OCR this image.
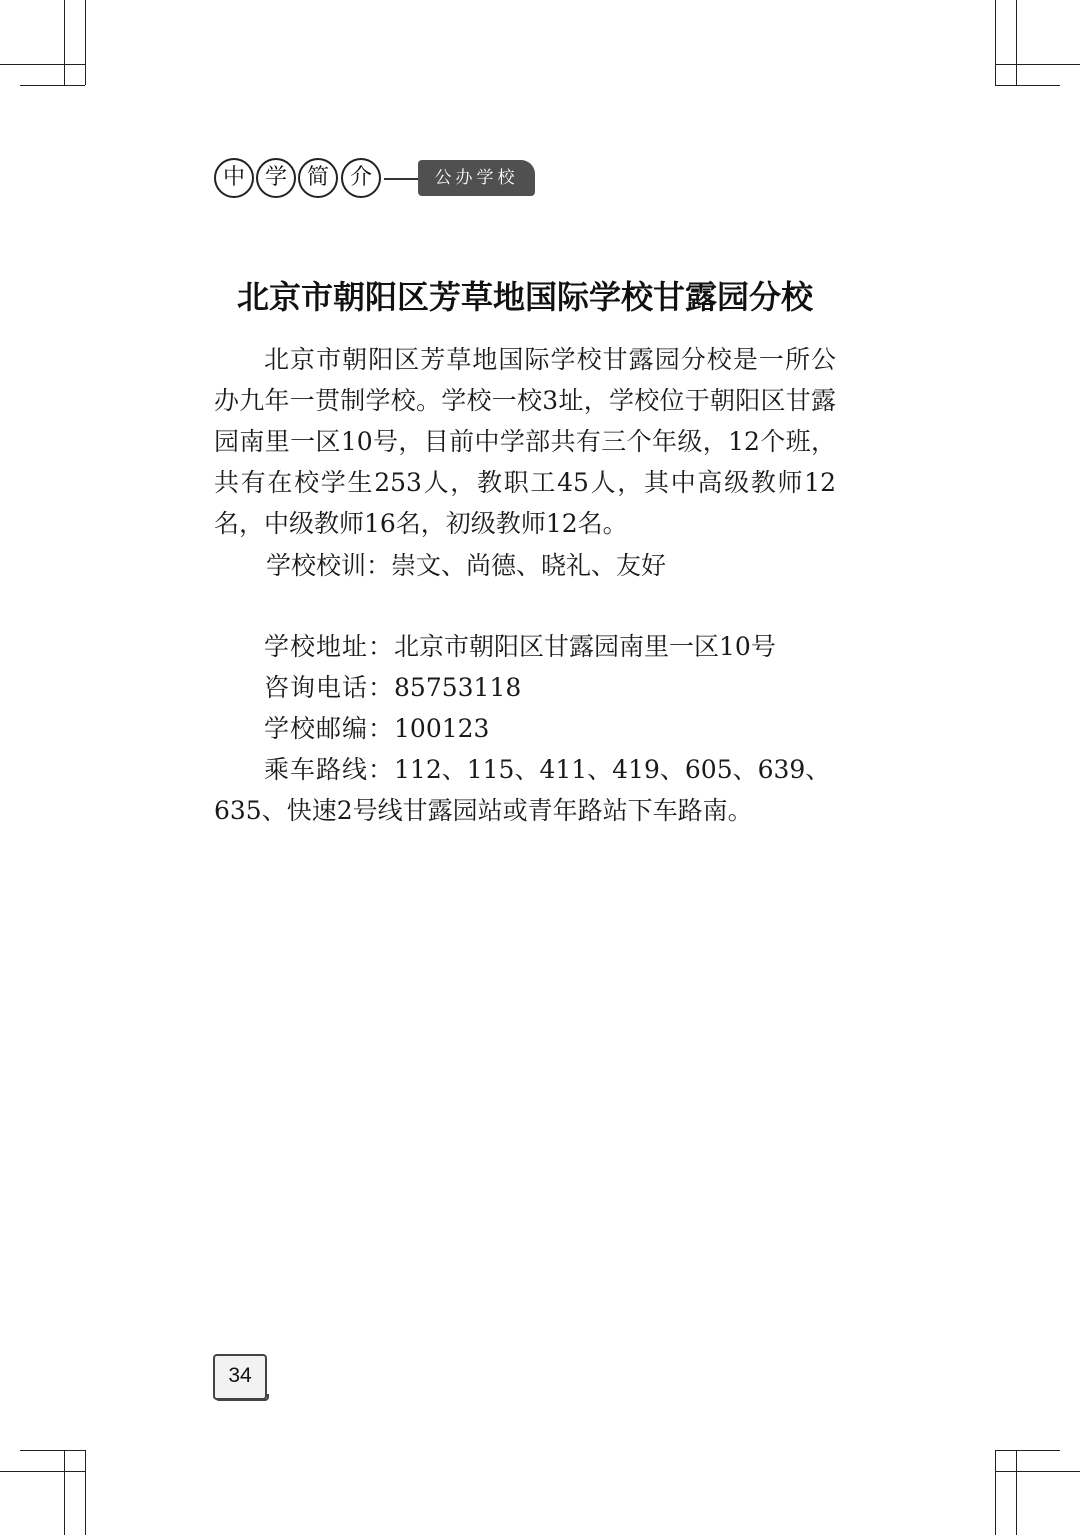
中 学 简 介	公办学校
北京市朝阳区芳草地国际学校甘露园分校

北京市朝阳区芳草地国际学校甘露园分校是一所公办九年一贯制学校。学校一校3址，学校位于朝阳区甘露园南里一区10号，目前中学部共有三个年级，12个班，共有在校学生253人，教职工45人，其中高级教师12名，中级教师16名，初级教师12名。

学校校训：崇文、尚德、晓礼、友好
学校地址：北京市朝阳区甘露园南里一区10号
咨询电话：85753118
学校邮编：100123
乘车路线：112、115、411、419、605、639、635、快速2号线甘露园站或青年路站下车路南。
34
